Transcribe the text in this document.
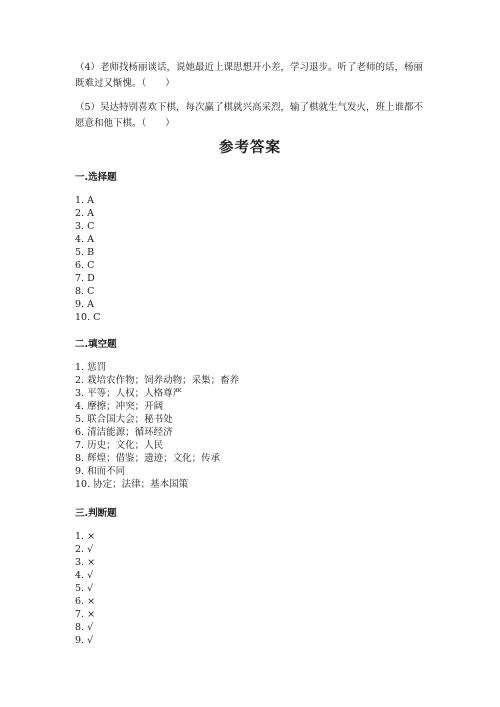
（4）老师找杨丽谈话，说她最近上课思想开小差，学习退步。听了老师的话，杨丽既难过又惭愧。（　　）

（5）吴达特别喜欢下棋，每次赢了棋就兴高采烈，输了棋就生气发火，班上谁都不愿意和他下棋。（　　）

参考答案
一.选择题
1. A
2. A
3. C
4. A
5. B
6. C
7. D
8. C
9. A
10. C
二.填空题
1. 惩罚
2. 栽培农作物；饲养动物；采集；畜养
3. 平等；人权；人格尊严
4. 摩擦；冲突；开阔
5. 联合国大会；秘书处
6. 清洁能源；循环经济
7. 历史；文化；人民
8. 辉煌；借鉴；遗迹；文化；传承
9. 和而不同
10. 协定；法律；基本国策
三.判断题
1. ×
2. √
3. ×
4. √
5. √
6. ×
7. ×
8. √
9. √
